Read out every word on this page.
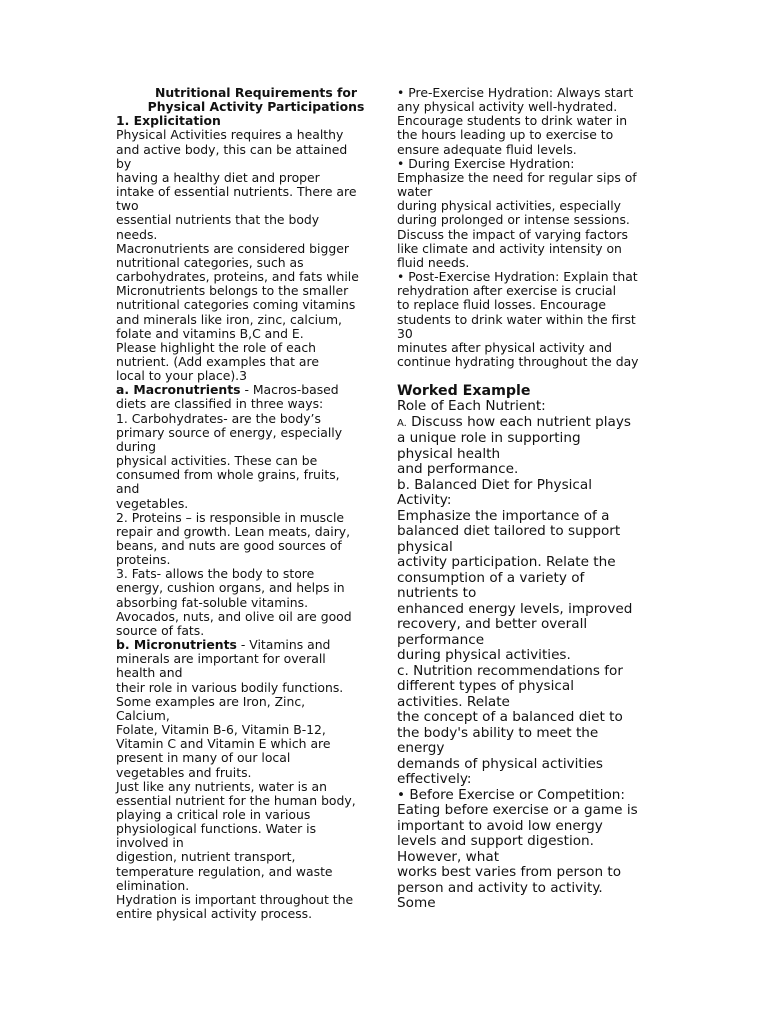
Nutritional Requirements for
Physical Activity Participations
1. Explicitation
Physical Activities requires a healthy
and active body, this can be attained
by
having a healthy diet and proper
intake of essential nutrients. There are
two
essential nutrients that the body
needs.
Macronutrients are considered bigger
nutritional categories, such as
carbohydrates, proteins, and fats while
Micronutrients belongs to the smaller
nutritional categories coming vitamins
and minerals like iron, zinc, calcium,
folate and vitamins B,C and E.
Please highlight the role of each
nutrient. (Add examples that are
local to your place).3
a. Macronutrients - Macros-based
diets are classified in three ways:
1. Carbohydrates- are the body’s
primary source of energy, especially
during
physical activities. These can be
consumed from whole grains, fruits,
and
vegetables.
2. Proteins – is responsible in muscle
repair and growth. Lean meats, dairy,
beans, and nuts are good sources of
proteins.
3. Fats- allows the body to store
energy, cushion organs, and helps in
absorbing fat-soluble vitamins.
Avocados, nuts, and olive oil are good
source of fats.
b. Micronutrients - Vitamins and
minerals are important for overall
health and
their role in various bodily functions.
Some examples are Iron, Zinc,
Calcium,
Folate, Vitamin B-6, Vitamin B-12,
Vitamin C and Vitamin E which are
present in many of our local
vegetables and fruits.
Just like any nutrients, water is an
essential nutrient for the human body,
playing a critical role in various
physiological functions. Water is
involved in
digestion, nutrient transport,
temperature regulation, and waste
elimination.
Hydration is important throughout the
entire physical activity process.
• Pre-Exercise Hydration: Always start
any physical activity well-hydrated.
Encourage students to drink water in
the hours leading up to exercise to
ensure adequate fluid levels.
• During Exercise Hydration:
Emphasize the need for regular sips of
water
during physical activities, especially
during prolonged or intense sessions.
Discuss the impact of varying factors
like climate and activity intensity on
fluid needs.
• Post-Exercise Hydration: Explain that
rehydration after exercise is crucial
to replace fluid losses. Encourage
students to drink water within the first
30
minutes after physical activity and
continue hydrating throughout the day
Worked Example
Role of Each Nutrient:
A. Discuss how each nutrient plays
a unique role in supporting
physical health
and performance.
b. Balanced Diet for Physical
Activity:
Emphasize the importance of a
balanced diet tailored to support
physical
activity participation. Relate the
consumption of a variety of
nutrients to
enhanced energy levels, improved
recovery, and better overall
performance
during physical activities.
c. Nutrition recommendations for
different types of physical
activities. Relate
the concept of a balanced diet to
the body's ability to meet the
energy
demands of physical activities
effectively:
• Before Exercise or Competition:
Eating before exercise or a game is
important to avoid low energy
levels and support digestion.
However, what
works best varies from person to
person and activity to activity.
Some
